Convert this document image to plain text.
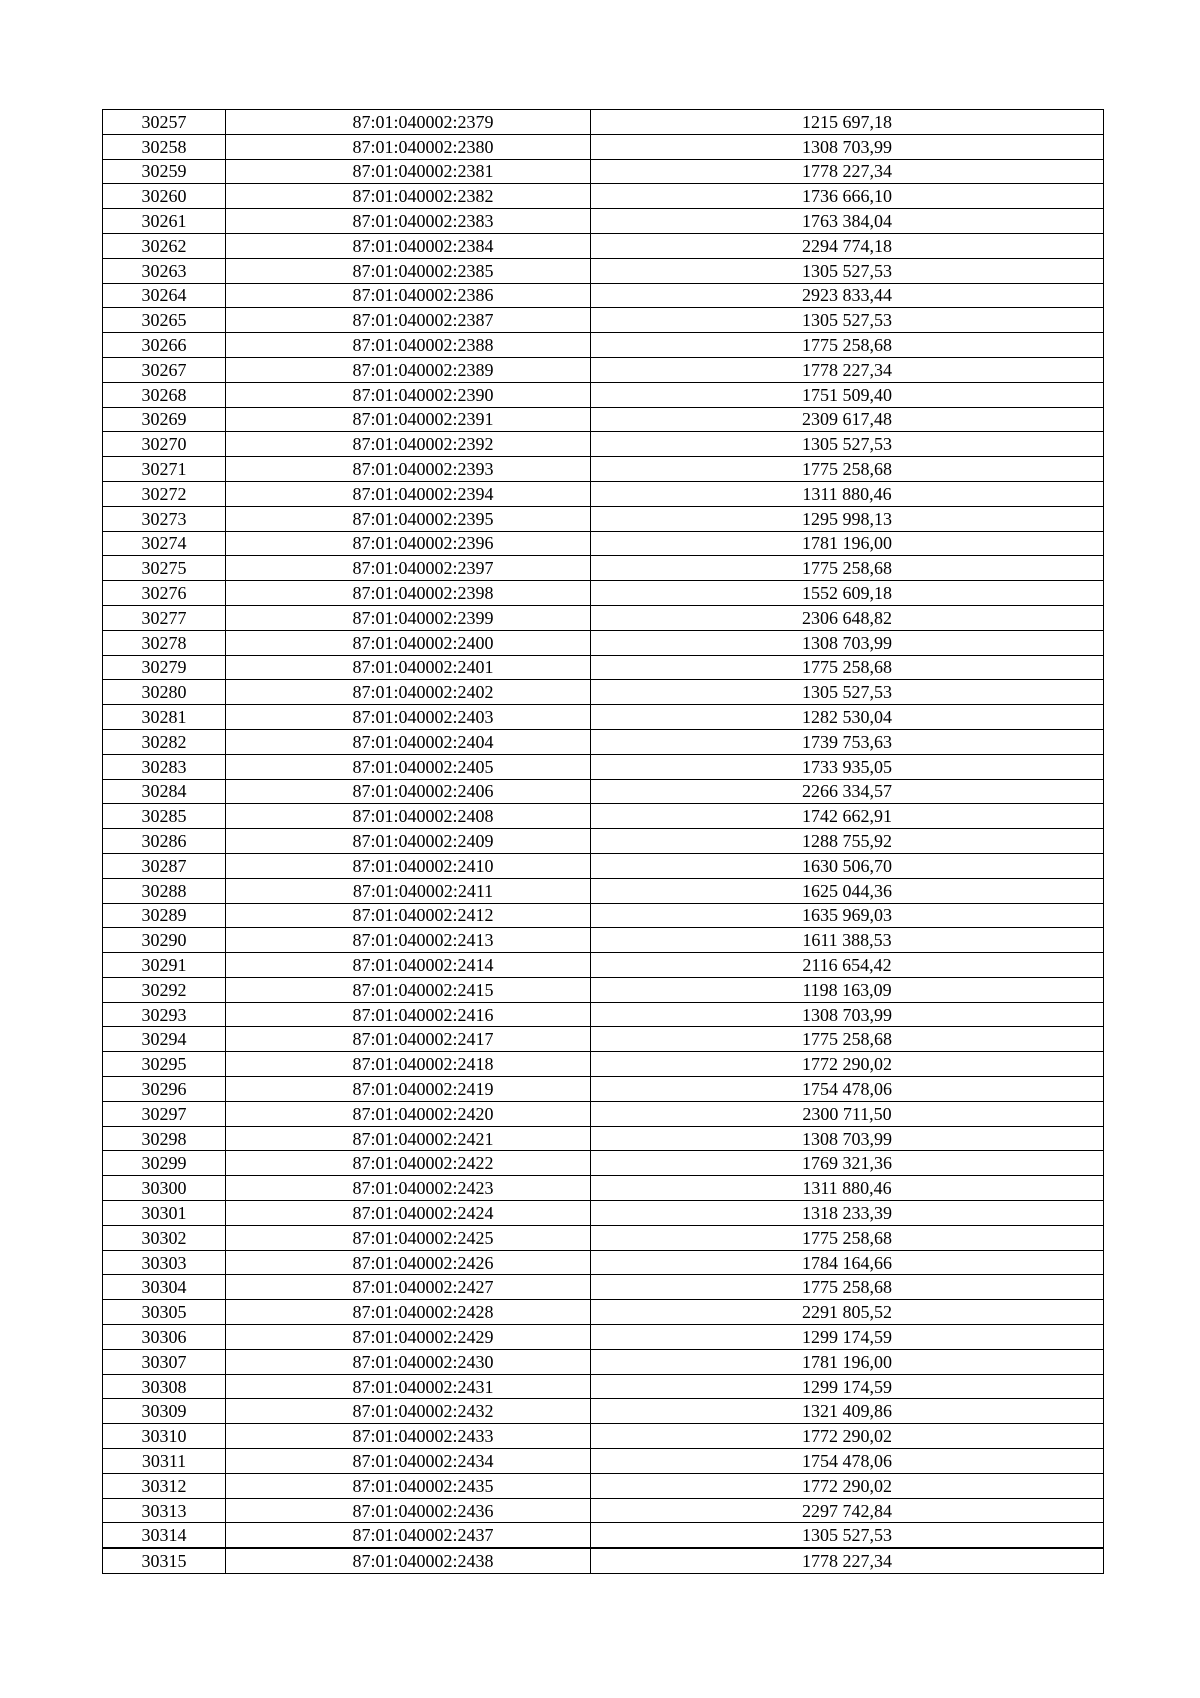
30257	87:01:040002:2379	1215 697,18
30258	87:01:040002:2380	1308 703,99
30259	87:01:040002:2381	1778 227,34
30260	87:01:040002:2382	1736 666,10
30261	87:01:040002:2383	1763 384,04
30262	87:01:040002:2384	2294 774,18
30263	87:01:040002:2385	1305 527,53
30264	87:01:040002:2386	2923 833,44
30265	87:01:040002:2387	1305 527,53
30266	87:01:040002:2388	1775 258,68
30267	87:01:040002:2389	1778 227,34
30268	87:01:040002:2390	1751 509,40
30269	87:01:040002:2391	2309 617,48
30270	87:01:040002:2392	1305 527,53
30271	87:01:040002:2393	1775 258,68
30272	87:01:040002:2394	1311 880,46
30273	87:01:040002:2395	1295 998,13
30274	87:01:040002:2396	1781 196,00
30275	87:01:040002:2397	1775 258,68
30276	87:01:040002:2398	1552 609,18
30277	87:01:040002:2399	2306 648,82
30278	87:01:040002:2400	1308 703,99
30279	87:01:040002:2401	1775 258,68
30280	87:01:040002:2402	1305 527,53
30281	87:01:040002:2403	1282 530,04
30282	87:01:040002:2404	1739 753,63
30283	87:01:040002:2405	1733 935,05
30284	87:01:040002:2406	2266 334,57
30285	87:01:040002:2408	1742 662,91
30286	87:01:040002:2409	1288 755,92
30287	87:01:040002:2410	1630 506,70
30288	87:01:040002:2411	1625 044,36
30289	87:01:040002:2412	1635 969,03
30290	87:01:040002:2413	1611 388,53
30291	87:01:040002:2414	2116 654,42
30292	87:01:040002:2415	1198 163,09
30293	87:01:040002:2416	1308 703,99
30294	87:01:040002:2417	1775 258,68
30295	87:01:040002:2418	1772 290,02
30296	87:01:040002:2419	1754 478,06
30297	87:01:040002:2420	2300 711,50
30298	87:01:040002:2421	1308 703,99
30299	87:01:040002:2422	1769 321,36
30300	87:01:040002:2423	1311 880,46
30301	87:01:040002:2424	1318 233,39
30302	87:01:040002:2425	1775 258,68
30303	87:01:040002:2426	1784 164,66
30304	87:01:040002:2427	1775 258,68
30305	87:01:040002:2428	2291 805,52
30306	87:01:040002:2429	1299 174,59
30307	87:01:040002:2430	1781 196,00
30308	87:01:040002:2431	1299 174,59
30309	87:01:040002:2432	1321 409,86
30310	87:01:040002:2433	1772 290,02
30311	87:01:040002:2434	1754 478,06
30312	87:01:040002:2435	1772 290,02
30313	87:01:040002:2436	2297 742,84
30314	87:01:040002:2437	1305 527,53
30315	87:01:040002:2438	1778 227,34
